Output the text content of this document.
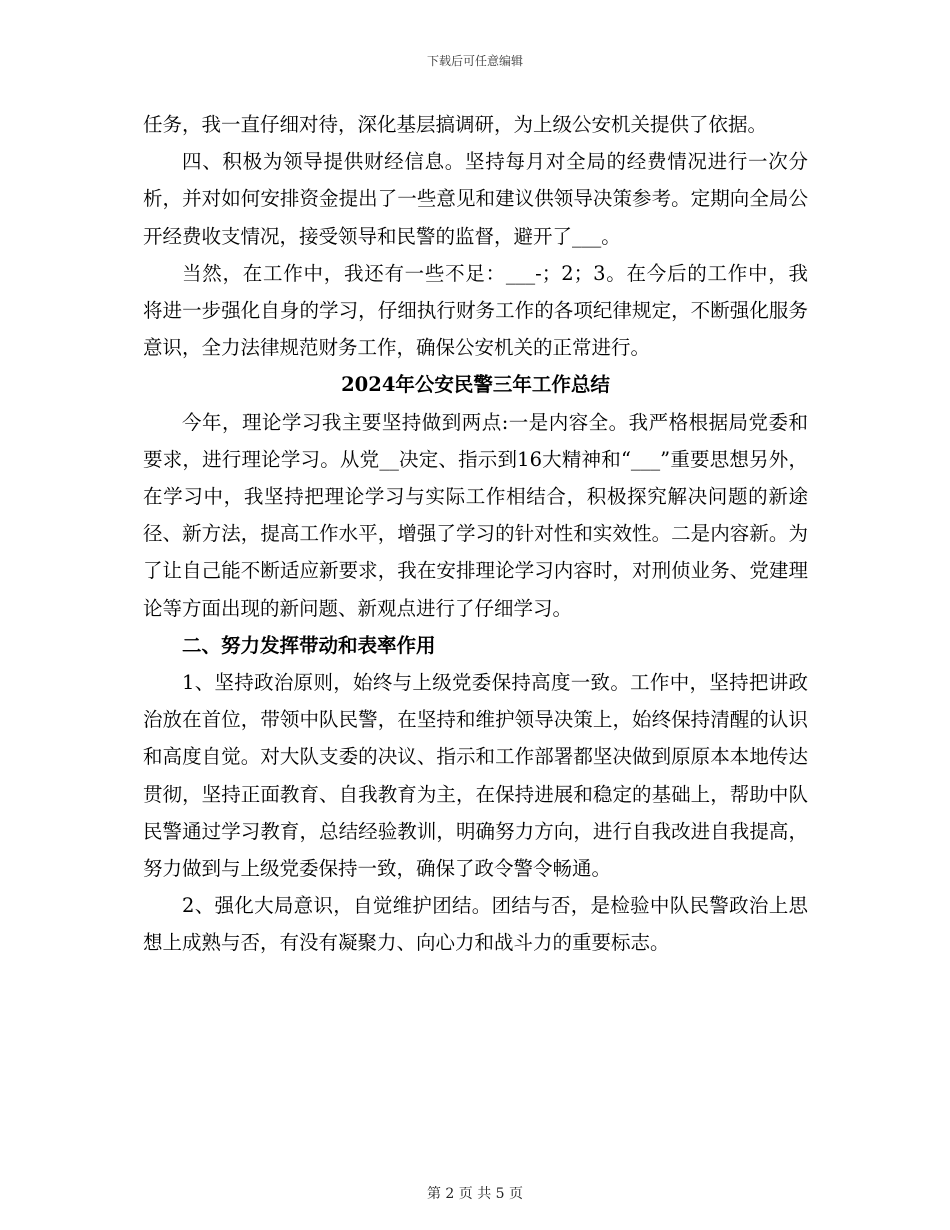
下载后可任意编辑

任务，我一直仔细对待，深化基层搞调研，为上级公安机关提供了依据。

四、积极为领导提供财经信息。坚持每月对全局的经费情况进行一次分析，并对如何安排资金提出了一些意见和建议供领导决策参考。定期向全局公开经费收支情况，接受领导和民警的监督，避开了___。

当然，在工作中，我还有一些不足：___-；2；3。在今后的工作中，我将进一步强化自身的学习，仔细执行财务工作的各项纪律规定，不断强化服务意识，全力法律规范财务工作，确保公安机关的正常进行。

2024年公安民警三年工作总结

今年，理论学习我主要坚持做到两点:一是内容全。我严格根据局党委和要求，进行理论学习。从党__决定、指示到16大精神和“___”重要思想另外，在学习中，我坚持把理论学习与实际工作相结合，积极探究解决问题的新途径、新方法，提高工作水平，增强了学习的针对性和实效性。二是内容新。为了让自己能不断适应新要求，我在安排理论学习内容时，对刑侦业务、党建理论等方面出现的新问题、新观点进行了仔细学习。

二、努力发挥带动和表率作用

1、坚持政治原则，始终与上级党委保持高度一致。工作中，坚持把讲政治放在首位，带领中队民警，在坚持和维护领导决策上，始终保持清醒的认识和高度自觉。对大队支委的决议、指示和工作部署都坚决做到原原本本地传达贯彻，坚持正面教育、自我教育为主，在保持进展和稳定的基础上，帮助中队民警通过学习教育，总结经验教训，明确努力方向，进行自我改进自我提高，努力做到与上级党委保持一致，确保了政令警令畅通。

2、强化大局意识，自觉维护团结。团结与否，是检验中队民警政治上思想上成熟与否，有没有凝聚力、向心力和战斗力的重要标志。

第 2 页 共 5 页
